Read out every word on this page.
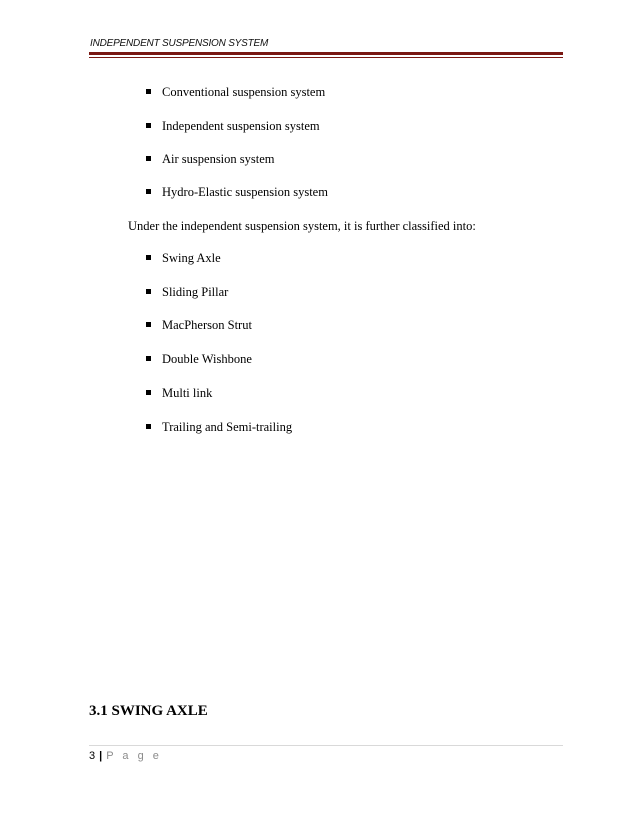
INDEPENDENT SUSPENSION SYSTEM
Conventional suspension system
Independent suspension system
Air suspension system
Hydro-Elastic suspension system
Under the independent suspension system, it is further classified into:
Swing Axle
Sliding Pillar
MacPherson Strut
Double Wishbone
Multi link
Trailing and Semi-trailing
3.1 SWING AXLE
3 | P a g e
